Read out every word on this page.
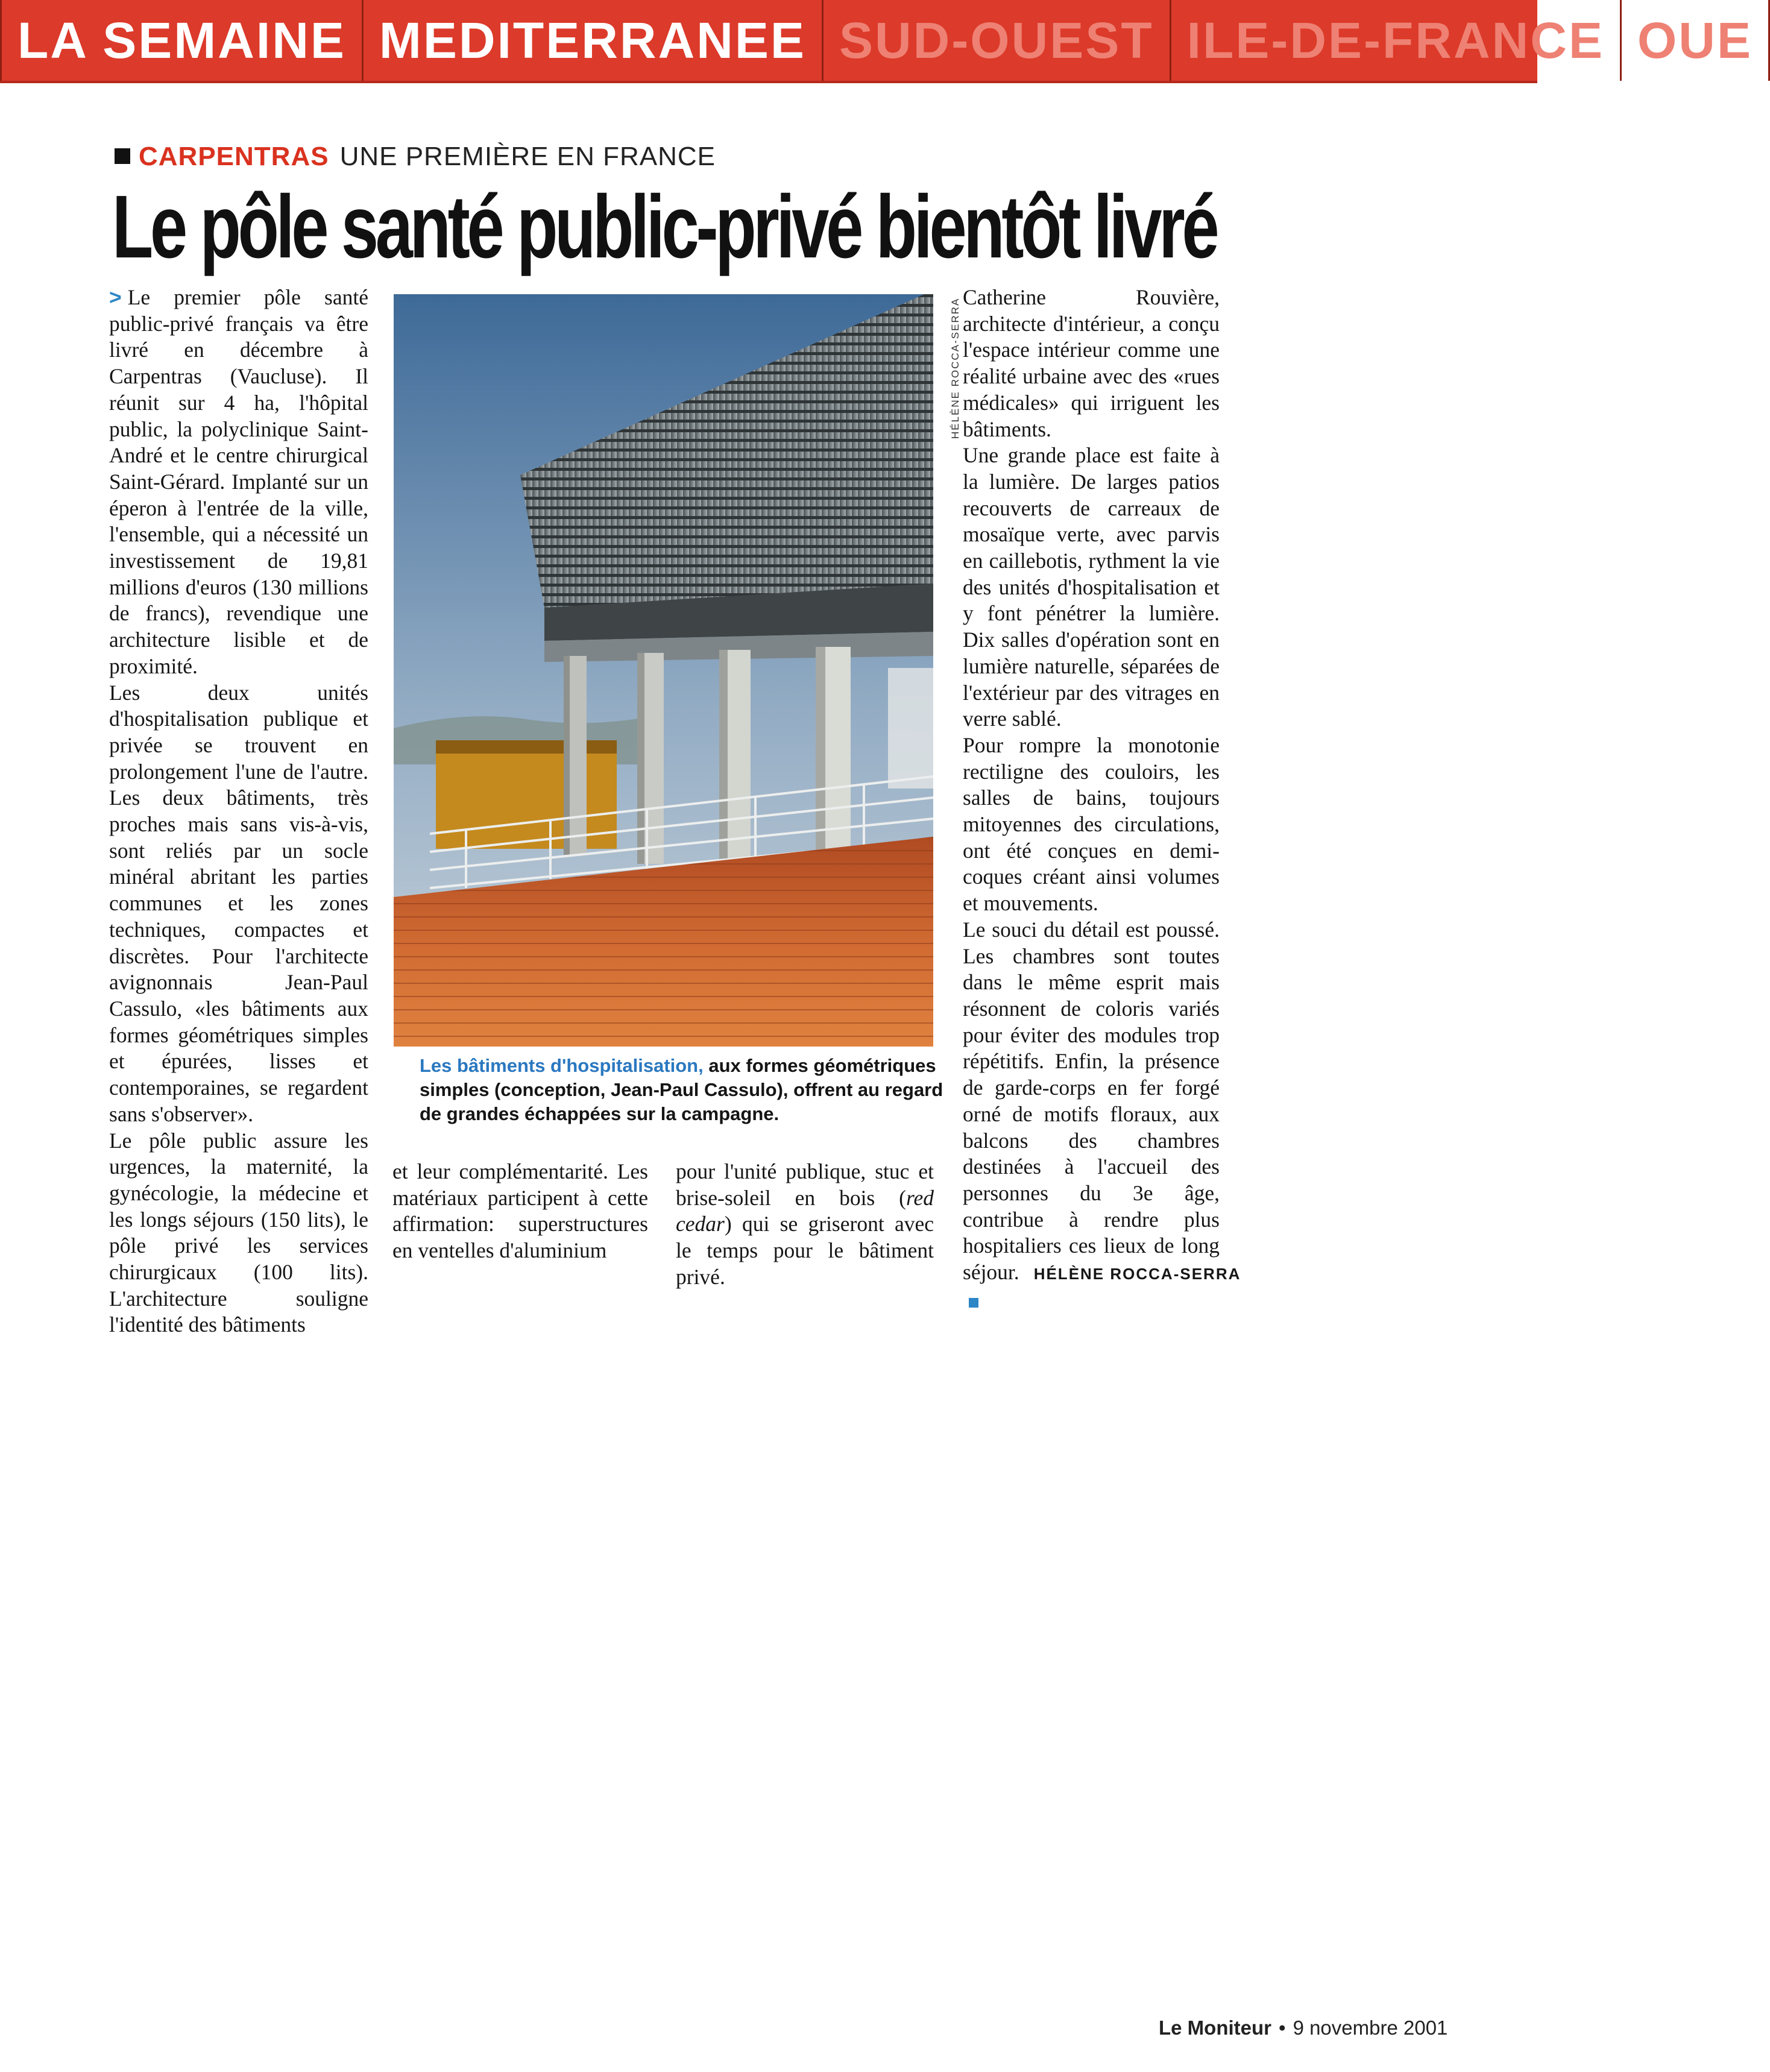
LA SEMAINE MEDITERRANEE SUD-OUEST ILE-DE-FRANCE OUE
CARPENTRAS UNE PREMIÈRE EN FRANCE
Le pôle santé public-privé bientôt livré

> Le premier pôle santé public-privé français va être livré en décembre à Carpentras (Vaucluse). Il réunit sur 4 ha, l'hôpital public, la polyclinique Saint-André et le centre chirurgical Saint-Gérard. Implanté sur un éperon à l'entrée de la ville, l'ensemble, qui a nécessité un investissement de 19,81 millions d'euros (130 millions de francs), revendique une architecture lisible et de proximité.

Les deux unités d'hospitalisation publique et privée se trouvent en prolongement l'une de l'autre. Les deux bâtiments, très proches mais sans vis-à-vis, sont reliés par un socle minéral abritant les parties communes et les zones techniques, compactes et discrètes. Pour l'architecte avignonnais Jean-Paul Cassulo, «les bâtiments aux formes géométriques simples et épurées, lisses et contemporaines, se regardent sans s'observer».

Le pôle public assure les urgences, la maternité, la gynécologie, la médecine et les longs séjours (150 lits), le pôle privé les services chirurgicaux (100 lits). L'architecture souligne l'identité des bâtiments

HÉLÈNE ROCCA-SERRA
Les bâtiments d'hospitalisation, aux formes géométriques simples (conception, Jean-Paul Cassulo), offrent au regard de grandes échappées sur la campagne.

et leur complémentarité. Les matériaux participent à cette affirmation: superstructures en ventelles d'aluminium

pour l'unité publique, stuc et brise-soleil en bois (red cedar) qui se griseront avec le temps pour le bâtiment privé.

Catherine Rouvière, architecte d'intérieur, a conçu l'espace intérieur comme une réalité urbaine avec des «rues médicales» qui irriguent les bâtiments.

Une grande place est faite à la lumière. De larges patios recouverts de carreaux de mosaïque verte, avec parvis en caillebotis, rythment la vie des unités d'hospitalisation et y font pénétrer la lumière. Dix salles d'opération sont en lumière naturelle, séparées de l'extérieur par des vitrages en verre sablé.

Pour rompre la monotonie rectiligne des couloirs, les salles de bains, toujours mitoyennes des circulations, ont été conçues en demi-coques créant ainsi volumes et mouvements.

Le souci du détail est poussé. Les chambres sont toutes dans le même esprit mais résonnent de coloris variés pour éviter des modules trop répétitifs. Enfin, la présence de garde-corps en fer forgé orné de motifs floraux, aux balcons des chambres destinées à l'accueil des personnes du 3e âge, contribue à rendre plus hospitaliers ces lieux de long séjour. HÉLÈNE ROCCA-SERRA

Le Moniteur • 9 novembre 2001
